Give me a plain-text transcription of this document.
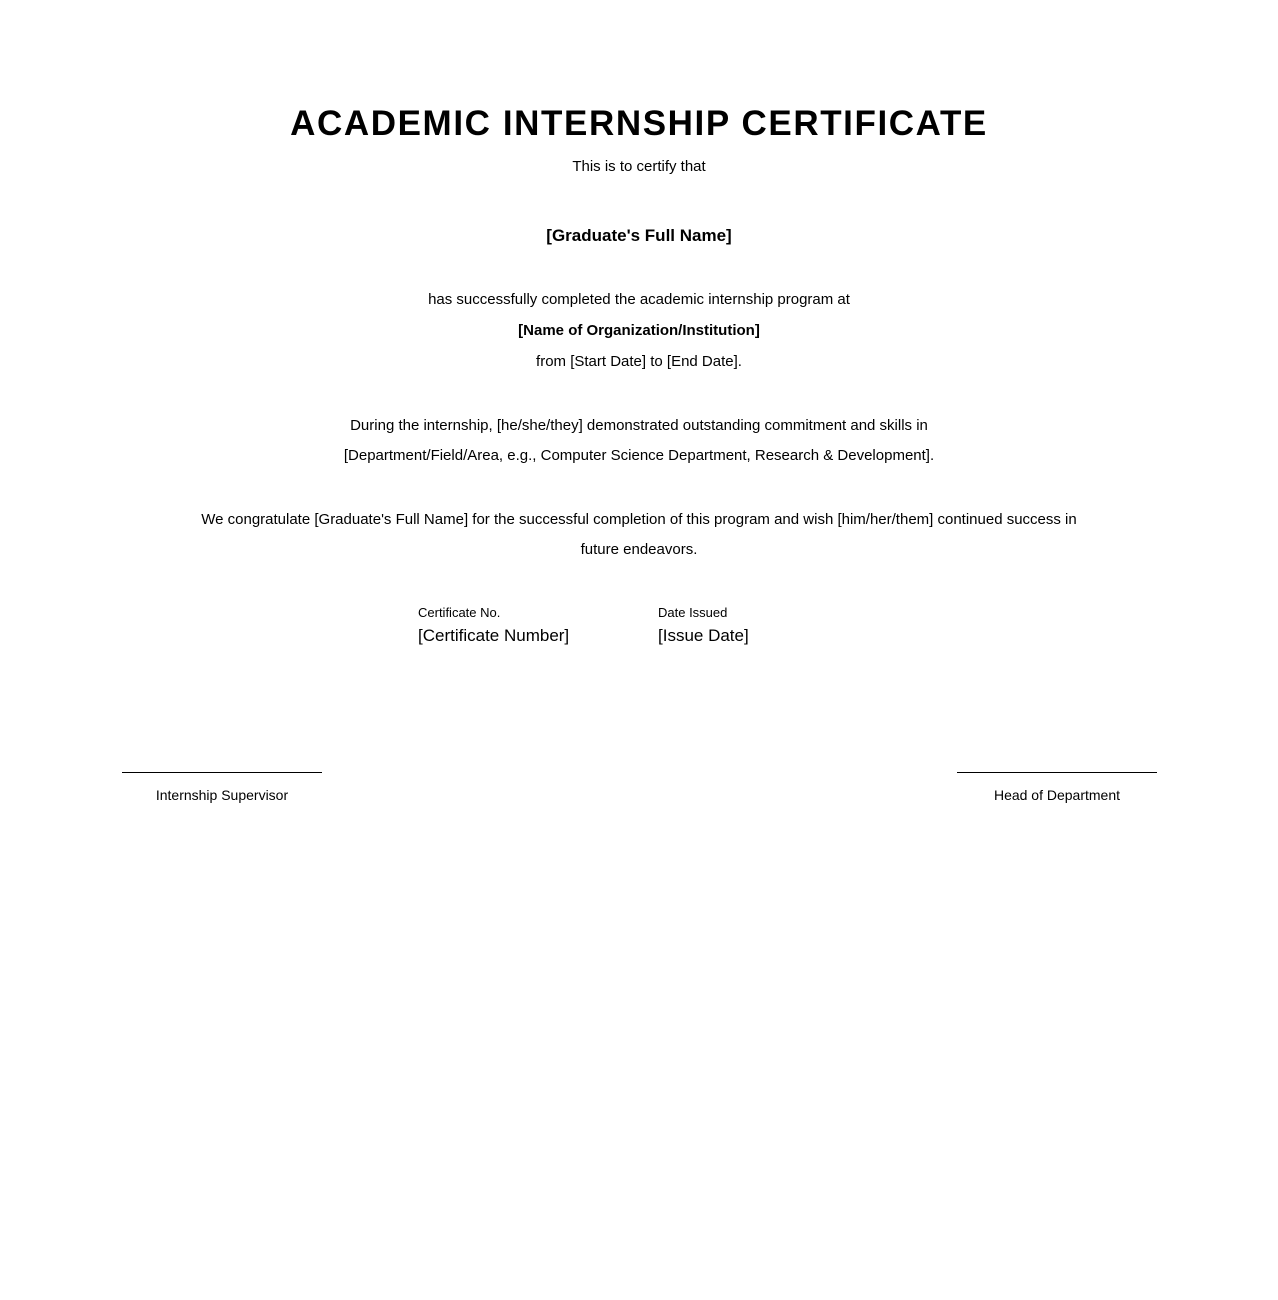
ACADEMIC INTERNSHIP CERTIFICATE
This is to certify that
[Graduate's Full Name]
has successfully completed the academic internship program at
[Name of Organization/Institution]
from [Start Date] to [End Date].
During the internship, [he/she/they] demonstrated outstanding commitment and skills in
[Department/Field/Area, e.g., Computer Science Department, Research & Development].
We congratulate [Graduate's Full Name] for the successful completion of this program and wish [him/her/them] continued success in
future endeavors.
Certificate No.
[Certificate Number]
Date Issued
[Issue Date]
Internship Supervisor	Head of Department
